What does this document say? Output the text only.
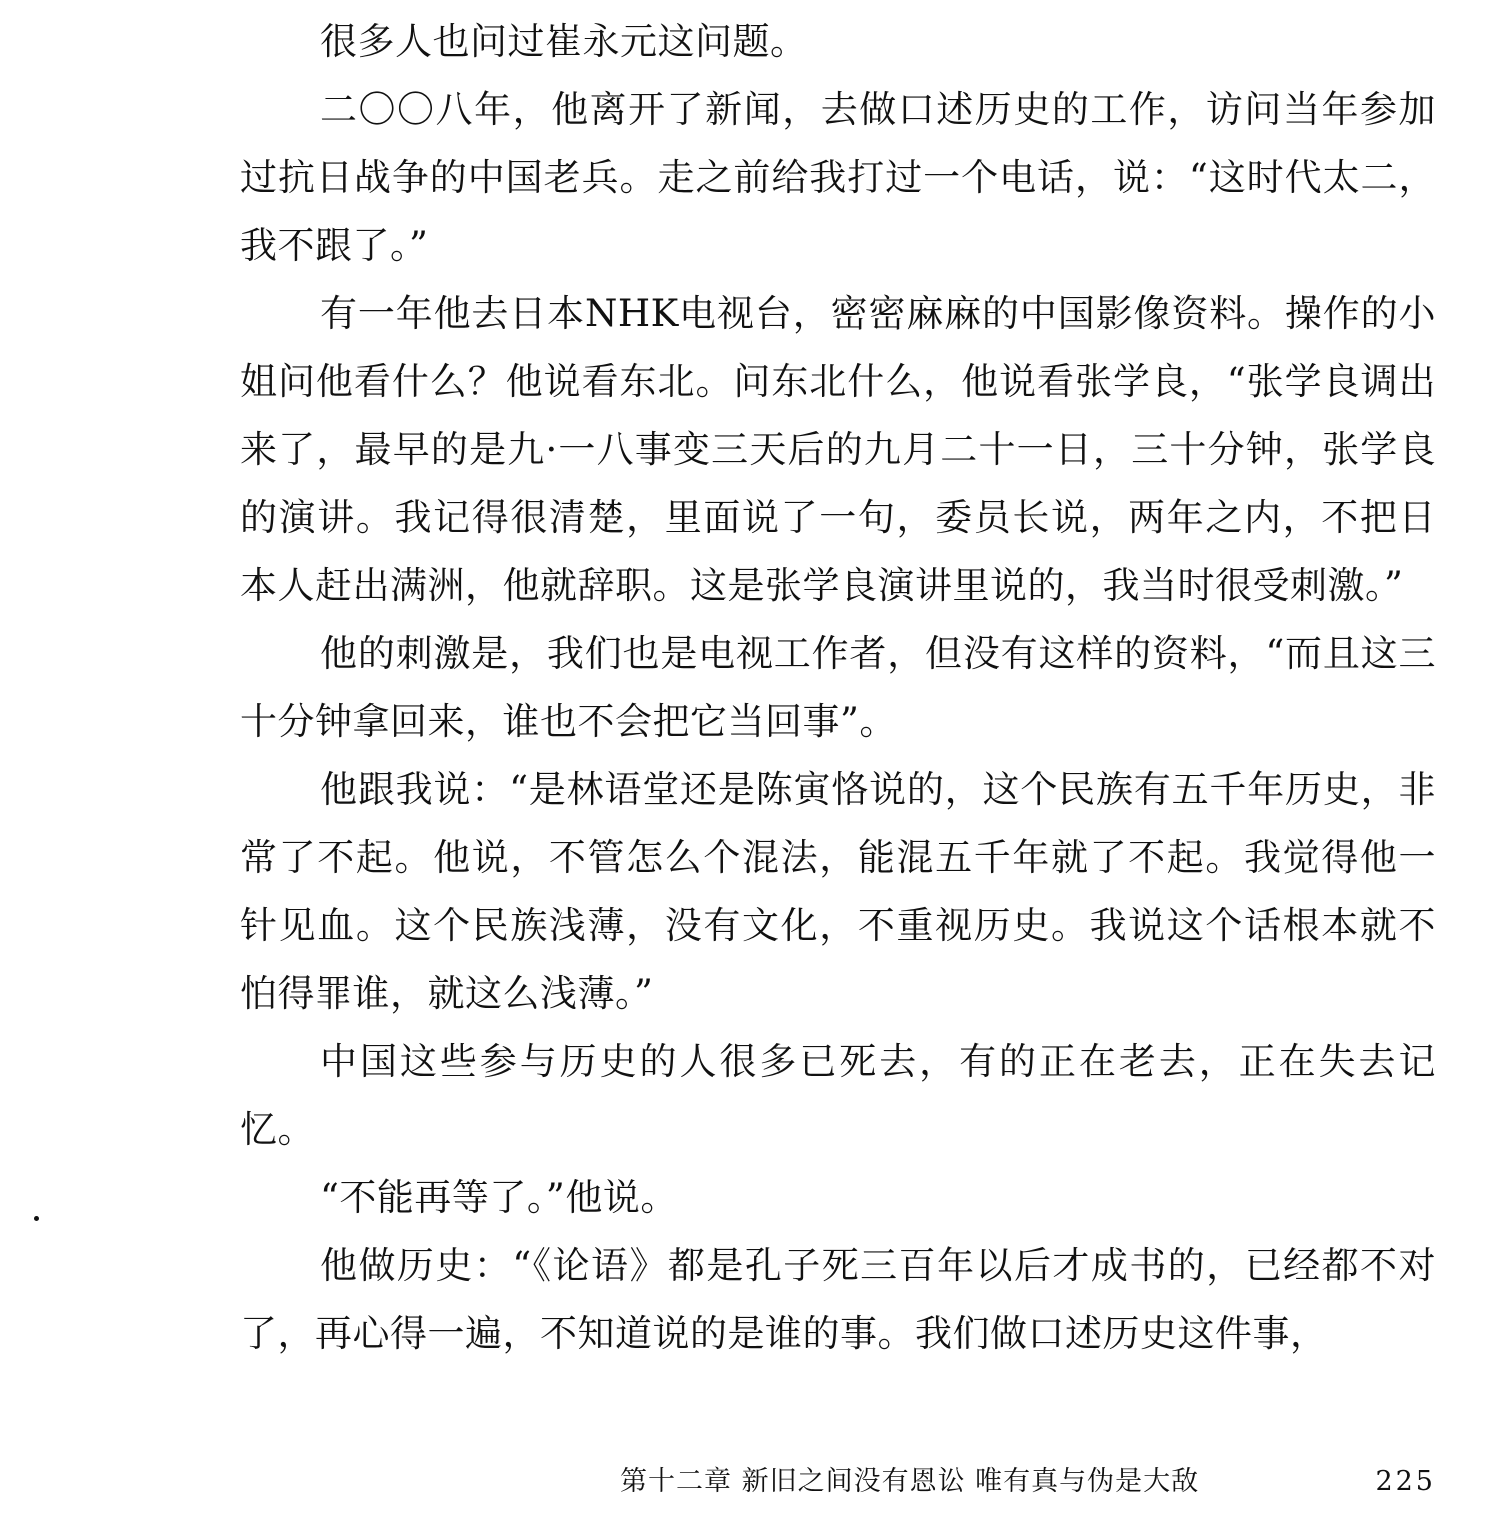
很多人也问过崔永元这问题。

二〇〇八年，他离开了新闻，去做口述历史的工作，访问当年参加过抗日战争的中国老兵。走之前给我打过一个电话，说：“这时代太二，我不跟了。”

有一年他去日本NHK电视台，密密麻麻的中国影像资料。操作的小姐问他看什么？他说看东北。问东北什么，他说看张学良，“张学良调出来了，最早的是九·一八事变三天后的九月二十一日，三十分钟，张学良的演讲。我记得很清楚，里面说了一句，委员长说，两年之内，不把日本人赶出满洲，他就辞职。这是张学良演讲里说的，我当时很受刺激。”

他的刺激是，我们也是电视工作者，但没有这样的资料，“而且这三十分钟拿回来，谁也不会把它当回事”。

他跟我说：“是林语堂还是陈寅恪说的，这个民族有五千年历史，非常了不起。他说，不管怎么个混法，能混五千年就了不起。我觉得他一针见血。这个民族浅薄，没有文化，不重视历史。我说这个话根本就不怕得罪谁，就这么浅薄。”

中国这些参与历史的人很多已死去，有的正在老去，正在失去记忆。

“不能再等了。”他说。

他做历史：“《论语》都是孔子死三百年以后才成书的，已经都不对了，再心得一遍，不知道说的是谁的事。我们做口述历史这件事，

第十二章 新旧之间没有恩讼 唯有真与伪是大敌	225
